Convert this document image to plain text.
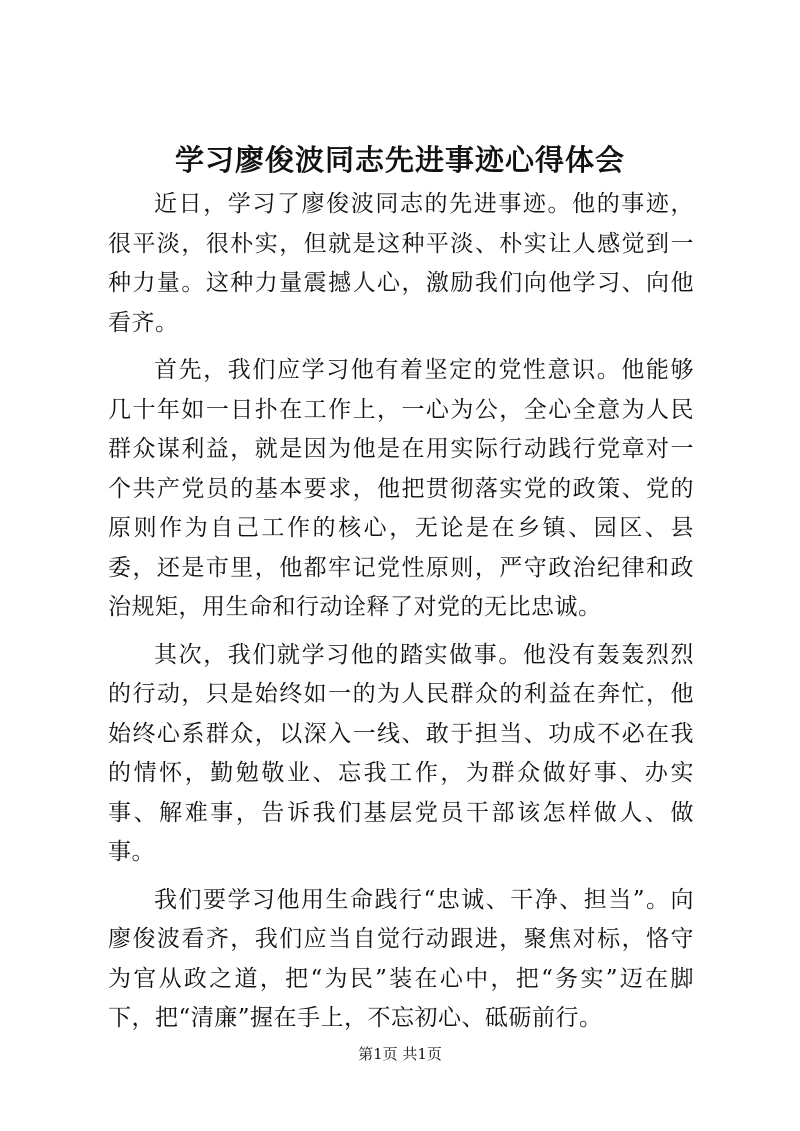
学习廖俊波同志先进事迹心得体会

近日，学习了廖俊波同志的先进事迹。他的事迹，很平淡，很朴实，但就是这种平淡、朴实让人感觉到一种力量。这种力量震撼人心，激励我们向他学习、向他看齐。

首先，我们应学习他有着坚定的党性意识。他能够几十年如一日扑在工作上，一心为公，全心全意为人民群众谋利益，就是因为他是在用实际行动践行党章对一个共产党员的基本要求，他把贯彻落实党的政策、党的原则作为自己工作的核心，无论是在乡镇、园区、县委，还是市里，他都牢记党性原则，严守政治纪律和政治规矩，用生命和行动诠释了对党的无比忠诚。

其次，我们就学习他的踏实做事。他没有轰轰烈烈的行动，只是始终如一的为人民群众的利益在奔忙，他始终心系群众，以深入一线、敢于担当、功成不必在我的情怀，勤勉敬业、忘我工作，为群众做好事、办实事、解难事，告诉我们基层党员干部该怎样做人、做事。

我们要学习他用生命践行“忠诚、干净、担当”。向廖俊波看齐，我们应当自觉行动跟进，聚焦对标，恪守为官从政之道，把“为民”装在心中，把“务实”迈在脚下，把“清廉”握在手上，不忘初心、砥砺前行。

第1页 共1页
